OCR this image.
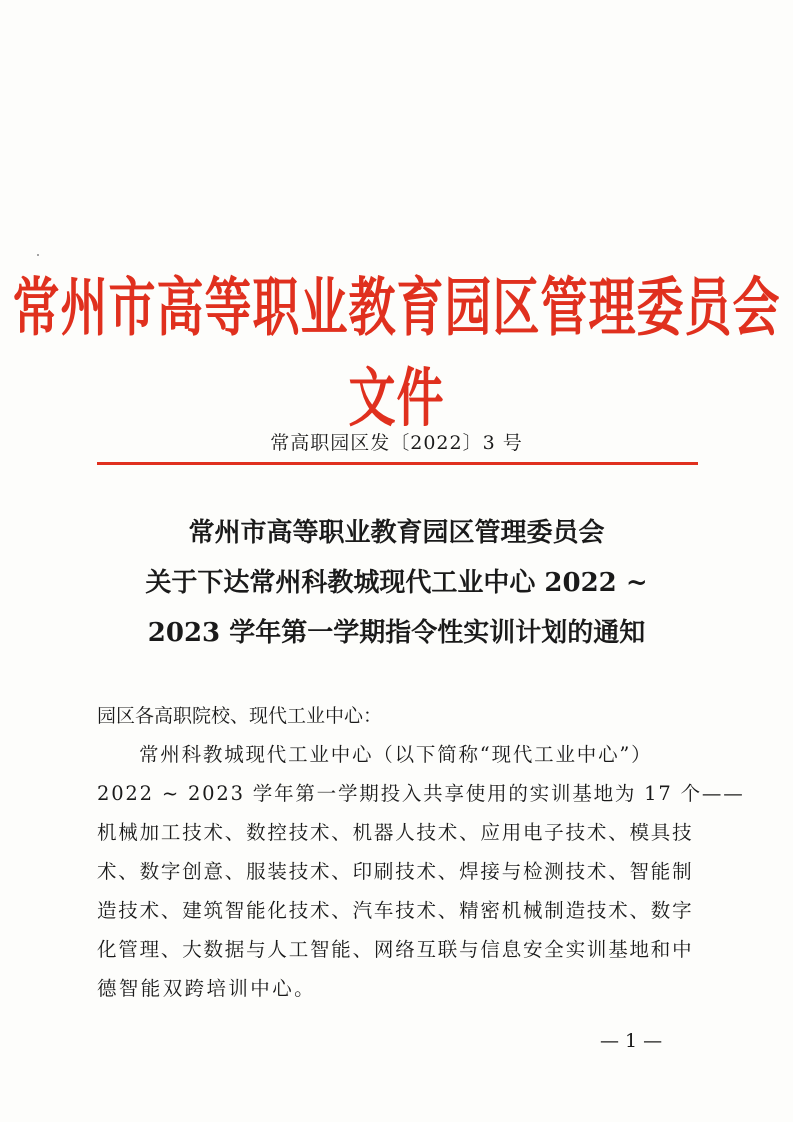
常州市高等职业教育园区管理委员会文件
常高职园区发〔2022〕3 号
常州市高等职业教育园区管理委员会
关于下达常州科教城现代工业中心 2022 ~
2023 学年第一学期指令性实训计划的通知
园区各高职院校、现代工业中心：
常州科教城现代工业中心（以下简称“现代工业中心”）
2022 ~ 2023 学年第一学期投入共享使用的实训基地为 17 个——
机械加工技术、数控技术、机器人技术、应用电子技术、模具技
术、数字创意、服装技术、印刷技术、焊接与检测技术、智能制
造技术、建筑智能化技术、汽车技术、精密机械制造技术、数字
化管理、大数据与人工智能、网络互联与信息安全实训基地和中
德智能双跨培训中心。
— 1 —
